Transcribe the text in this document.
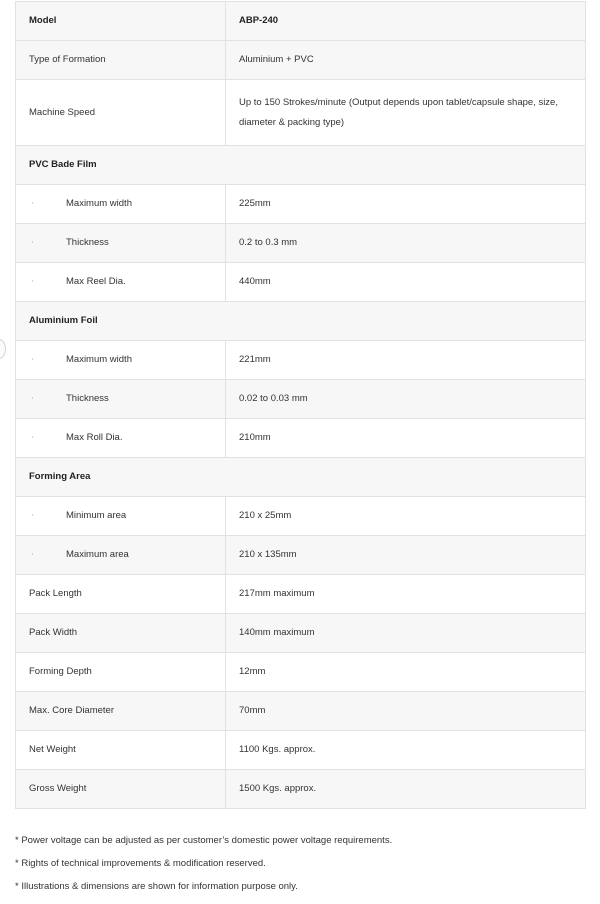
Model	ABP-240
Type of Formation	Aluminium + PVC
Machine Speed	Up to 150 Strokes/minute (Output depends upon tablet/capsule shape, size, diameter & packing type)
PVC Bade Film	

· Maximum width	225mm

· Thickness	0.2 to 0.3 mm

· Max Reel Dia.	440mm
Aluminium Foil	

· Maximum width	221mm

· Thickness	0.02 to 0.03 mm

· Max Roll Dia.	210mm
Forming Area	

· Minimum area	210 x 25mm

· Maximum area	210 x 135mm
Pack Length	217mm maximum
Pack Width	140mm maximum
Forming Depth	12mm
Max. Core Diameter	70mm
Net Weight	1100 Kgs. approx.
Gross Weight	1500 Kgs. approx.
* Power voltage can be adjusted as per customer’s domestic power voltage requirements.
* Rights of technical improvements & modification reserved.
* Illustrations & dimensions are shown for information purpose only.
